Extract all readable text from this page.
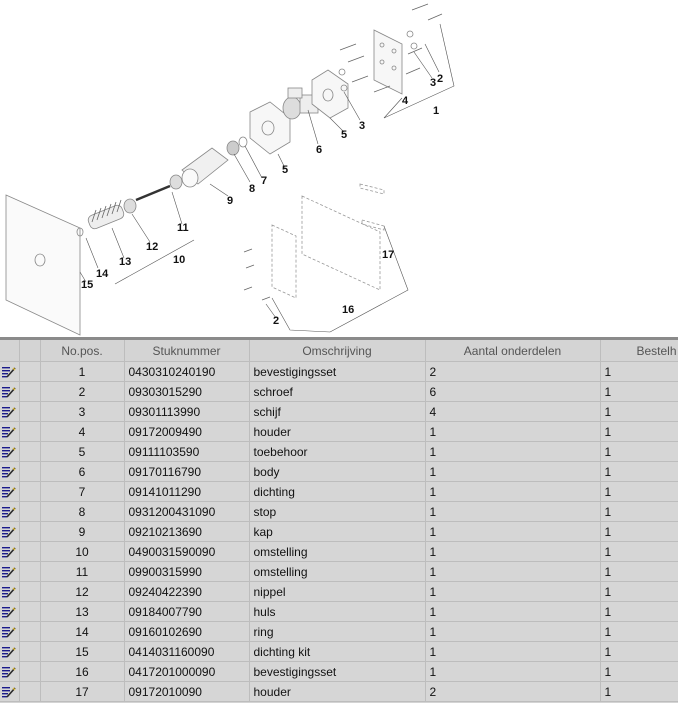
1
2
3
4
5
3
5
6
7
8
9
11
12
10
13
14
15
17
16
2
		No.pos.	Stuknummer	Omschrijving	Aantal onderdelen	Bestelh
		1	0430310240190	bevestigingsset	2	1
		2	09303015290	schroef	6	1
		3	09301113990	schijf	4	1
		4	09172009490	houder	1	1
		5	09111103590	toebehoor	1	1
		6	09170116790	body	1	1
		7	09141011290	dichting	1	1
		8	0931200431090	stop	1	1
		9	09210213690	kap	1	1
		10	0490031590090	omstelling	1	1
		11	09900315990	omstelling	1	1
		12	09240422390	nippel	1	1
		13	09184007790	huls	1	1
		14	09160102690	ring	1	1
		15	0414031160090	dichting kit	1	1
		16	0417201000090	bevestigingsset	1	1
		17	09172010090	houder	2	1
